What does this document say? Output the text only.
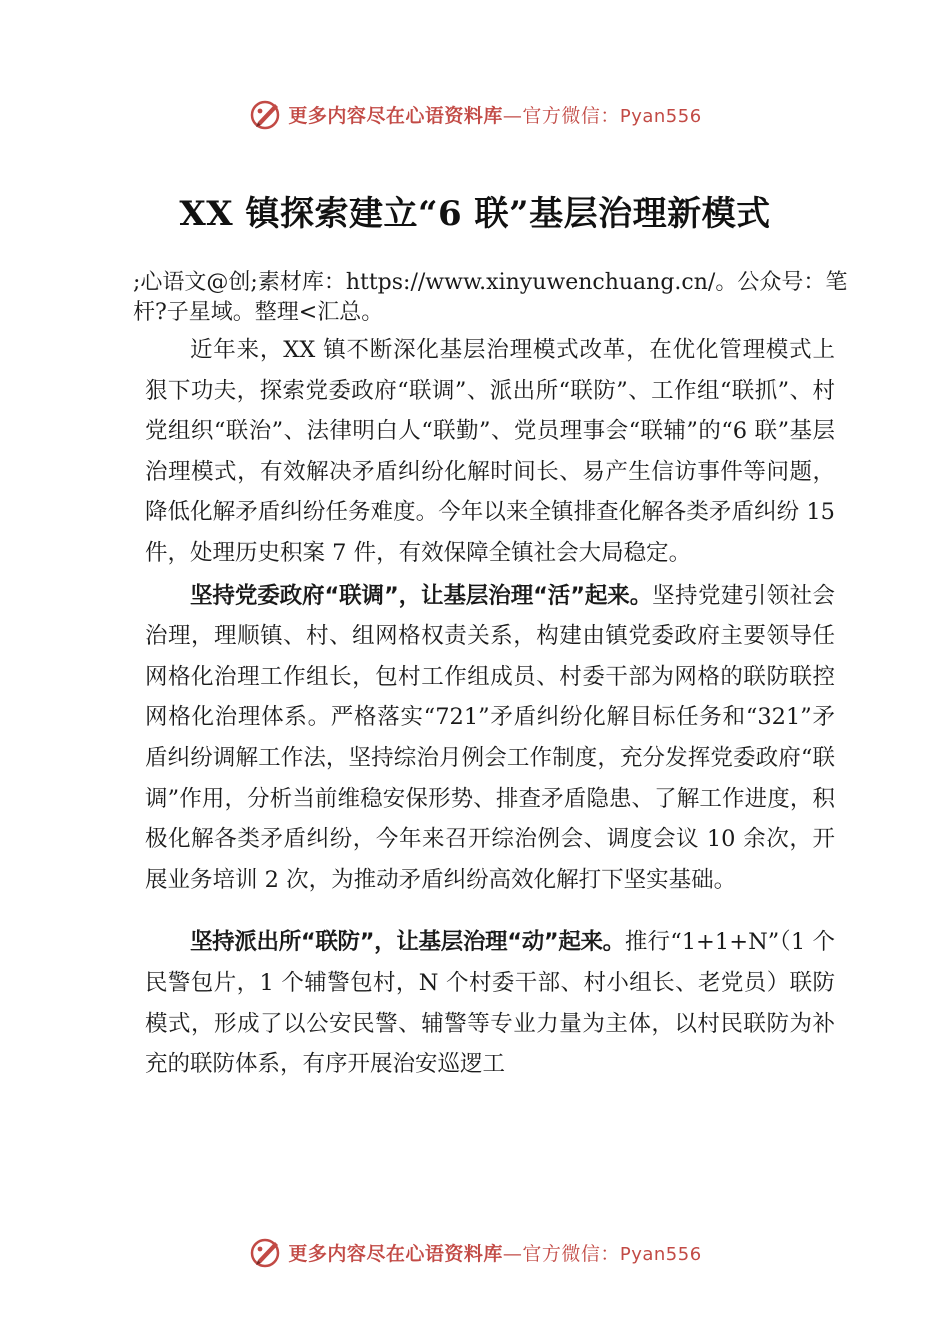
更多内容尽在心语资料库—官方微信：Pyan556
XX 镇探索建立“6 联”基层治理新模式

;心语文@创;素材库：https://www.xinyuwenchuang.cn/。公众号：笔杆?子星域。整理<汇总。

近年来，XX 镇不断深化基层治理模式改革，在优化管理模式上狠下功夫，探索党委政府“联调”、派出所“联防”、工作组“联抓”、村党组织“联治”、法律明白人“联勤”、党员理事会“联辅”的“6 联”基层治理模式，有效解决矛盾纠纷化解时间长、易产生信访事件等问题，降低化解矛盾纠纷任务难度。今年以来全镇排查化解各类矛盾纠纷 15 件，处理历史积案 7 件，有效保障全镇社会大局稳定。

坚持党委政府“联调”，让基层治理“活”起来。坚持党建引领社会治理，理顺镇、村、组网格权责关系，构建由镇党委政府主要领导任网格化治理工作组长，包村工作组成员、村委干部为网格的联防联控网格化治理体系。严格落实“721”矛盾纠纷化解目标任务和“321”矛盾纠纷调解工作法，坚持综治月例会工作制度，充分发挥党委政府“联调”作用，分析当前维稳安保形势、排查矛盾隐患、了解工作进度，积极化解各类矛盾纠纷，今年来召开综治例会、调度会议 10 余次，开展业务培训 2 次，为推动矛盾纠纷高效化解打下坚实基础。

坚持派出所“联防”，让基层治理“动”起来。推行“1+1+N”（1 个民警包片，1 个辅警包村，N 个村委干部、村小组长、老党员）联防模式，形成了以公安民警、辅警等专业力量为主体，以村民联防为补充的联防体系，有序开展治安巡逻工

更多内容尽在心语资料库—官方微信：Pyan556
